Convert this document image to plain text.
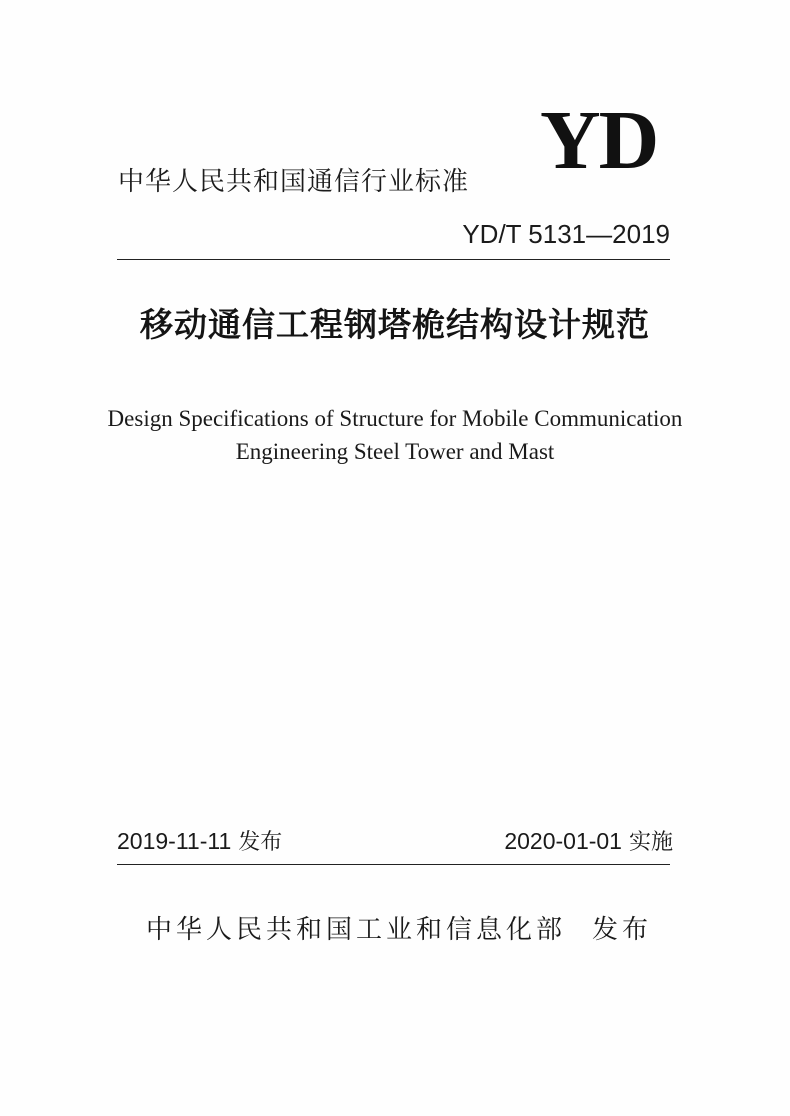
YD
中华人民共和国通信行业标准
YD/T 5131—2019
移动通信工程钢塔桅结构设计规范
Design Specifications of Structure for Mobile Communication
Engineering Steel Tower and Mast
2019-11-11 发布	2020-01-01 实施
中华人民共和国工业和信息化部 发布
